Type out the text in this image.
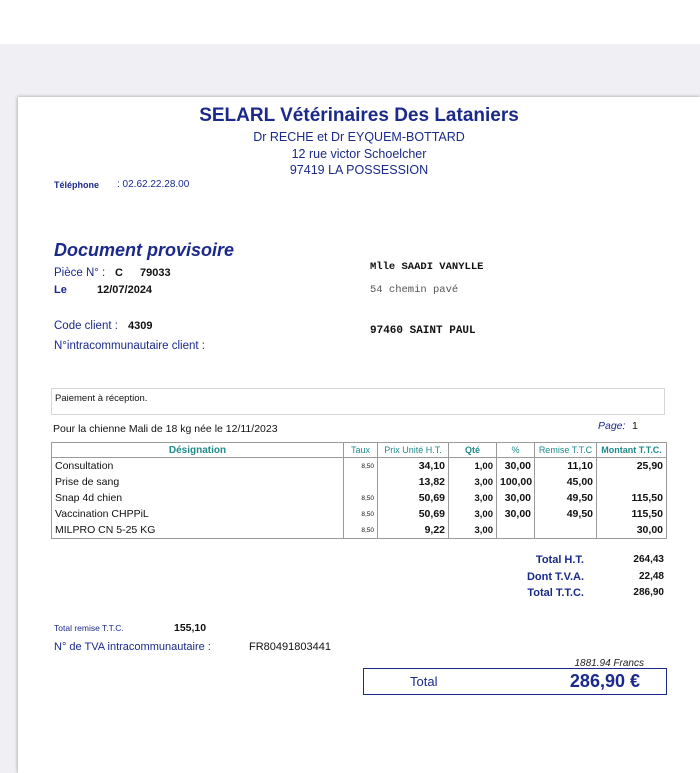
SELARL Vétérinaires Des Lataniers
Dr RECHE et Dr EYQUEM-BOTTARD
12 rue victor Schoelcher
97419 LA POSSESSION
Téléphone : 02.62.22.28.00
Document provisoire
Pièce N° : C 79033
Le	12/07/2024
Code client : 4309
N°intracommunautaire client :
Mlle SAADI VANYLLE
54 chemin pavé
97460 SAINT PAUL
Paiement à réception.
Pour la chienne Mali de 18 kg née le 12/11/2023	Page: 1
Désignation	Taux	Prix Unité H.T.	Qté	%	Remise T.T.C	Montant T.T.C.
Consultation	8,50	34,10	1,00	30,00	11,10	25,90
Prise de sang		13,82	3,00	100,00	45,00	
Snap 4d chien	8,50	50,69	3,00	30,00	49,50	115,50
Vaccination CHPPiL	8,50	50,69	3,00	30,00	49,50	115,50
MILPRO CN 5-25 KG	8,50	9,22	3,00			30,00
Total H.T.	264,43
Dont T.V.A.	22,48
Total T.T.C.	286,90
Total remise T.T.C.	155,10
N° de TVA intracommunautaire :	FR80491803441
1881.94 Francs
Total	286,90 €
